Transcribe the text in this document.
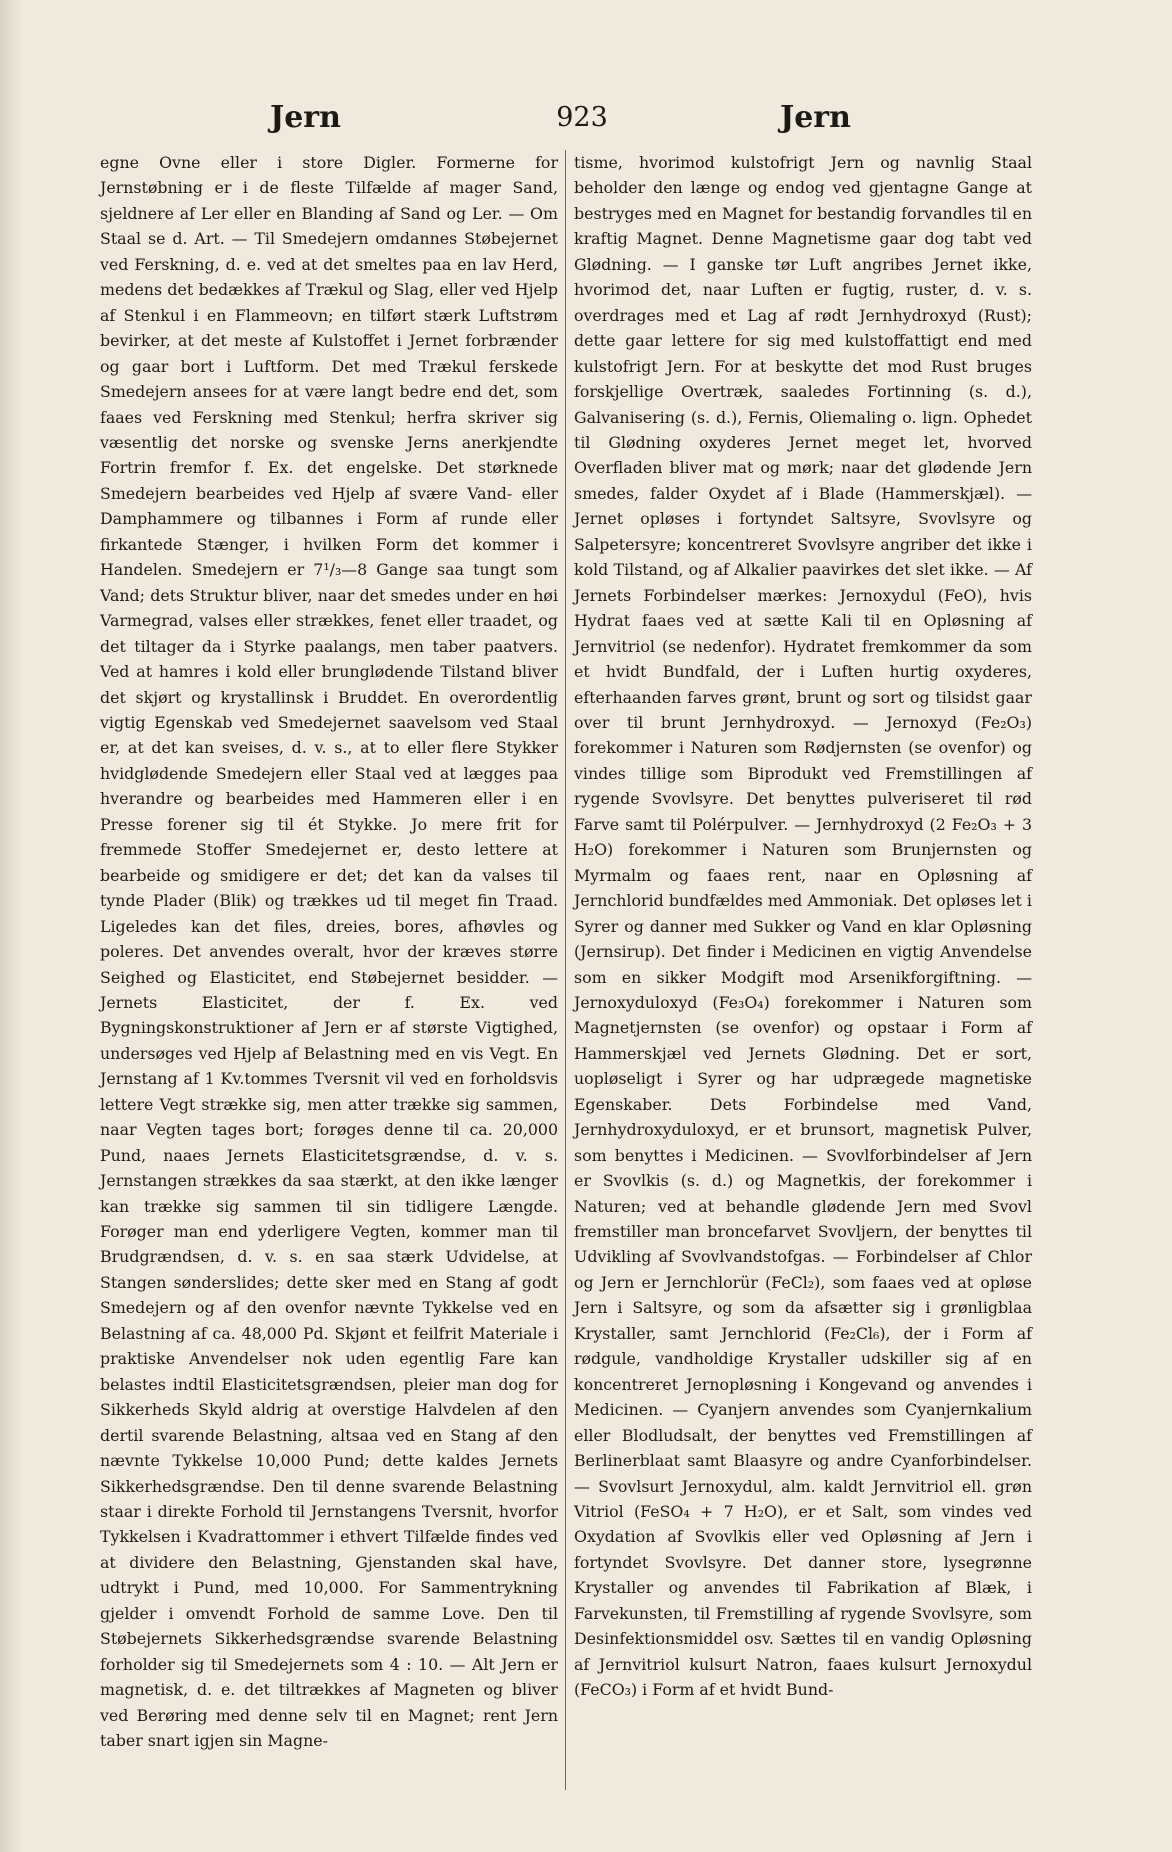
Jern	923	Jern

egne Ovne eller i store Digler. Formerne for Jernstøbning er i de fleste Tilfælde af mager Sand, sjeldnere af Ler eller en Blanding af Sand og Ler. — Om Staal se d. Art. — Til Smedejern omdannes Støbejernet ved Ferskning, d. e. ved at det smeltes paa en lav Herd, medens det bedækkes af Trækul og Slag, eller ved Hjelp af Stenkul i en Flammeovn; en tilført stærk Luftstrøm bevirker, at det meste af Kulstoffet i Jernet forbrænder og gaar bort i Luftform. Det med Trækul ferskede Smedejern ansees for at være langt bedre end det, som faaes ved Ferskning med Stenkul; herfra skriver sig væsentlig det norske og svenske Jerns anerkjendte Fortrin fremfor f. Ex. det engelske. Det størknede Smedejern bearbeides ved Hjelp af svære Vand- eller Damphammere og tilbannes i Form af runde eller firkantede Stænger, i hvilken Form det kommer i Handelen. Smedejern er 7¹/₃—8 Gange saa tungt som Vand; dets Struktur bliver, naar det smedes under en høi Varmegrad, valses eller strækkes, fenet eller traadet, og det tiltager da i Styrke paalangs, men taber paatvers. Ved at hamres i kold eller brunglødende Tilstand bliver det skjørt og krystallinsk i Bruddet. En overordentlig vigtig Egenskab ved Smedejernet saavelsom ved Staal er, at det kan sveises, d. v. s., at to eller flere Stykker hvidglødende Smedejern eller Staal ved at lægges paa hverandre og bearbeides med Hammeren eller i en Presse forener sig til ét Stykke. Jo mere frit for fremmede Stoffer Smedejernet er, desto lettere at bearbeide og smidigere er det; det kan da valses til tynde Plader (Blik) og trækkes ud til meget fin Traad. Ligeledes kan det files, dreies, bores, afhøvles og poleres. Det anvendes overalt, hvor der kræves større Seighed og Elasticitet, end Støbejernet besidder. — Jernets Elasticitet, der f. Ex. ved Bygningskonstruktioner af Jern er af største Vigtighed, undersøges ved Hjelp af Belastning med en vis Vegt. En Jernstang af 1 Kv.tommes Tversnit vil ved en forholdsvis lettere Vegt strække sig, men atter trække sig sammen, naar Vegten tages bort; forøges denne til ca. 20,000 Pund, naaes Jernets Elasticitetsgrændse, d. v. s. Jernstangen strækkes da saa stærkt, at den ikke længer kan trække sig sammen til sin tidligere Længde. Forøger man end yderligere Vegten, kommer man til Brudgrændsen, d. v. s. en saa stærk Udvidelse, at Stangen sønderslides; dette sker med en Stang af godt Smedejern og af den ovenfor nævnte Tykkelse ved en Belastning af ca. 48,000 Pd. Skjønt et feilfrit Materiale i praktiske Anvendelser nok uden egentlig Fare kan belastes indtil Elasticitetsgrændsen, pleier man dog for Sikkerheds Skyld aldrig at overstige Halvdelen af den dertil svarende Belastning, altsaa ved en Stang af den nævnte Tykkelse 10,000 Pund; dette kaldes Jernets Sikkerhedsgrændse. Den til denne svarende Belastning staar i direkte Forhold til Jernstangens Tversnit, hvorfor Tykkelsen i Kvadrattommer i ethvert Tilfælde findes ved at dividere den Belastning, Gjenstanden skal have, udtrykt i Pund, med 10,000. For Sammentrykning gjelder i omvendt Forhold de samme Love. Den til Støbejernets Sikkerhedsgrændse svarende Belastning forholder sig til Smedejernets som 4 : 10. — Alt Jern er magnetisk, d. e. det tiltrækkes af Magneten og bliver ved Berøring med denne selv til en Magnet; rent Jern taber snart igjen sin Magne-

tisme, hvorimod kulstofrigt Jern og navnlig Staal beholder den længe og endog ved gjentagne Gange at bestryges med en Magnet for bestandig forvandles til en kraftig Magnet. Denne Magnetisme gaar dog tabt ved Glødning. — I ganske tør Luft angribes Jernet ikke, hvorimod det, naar Luften er fugtig, ruster, d. v. s. overdrages med et Lag af rødt Jernhydroxyd (Rust); dette gaar lettere for sig med kulstoffattigt end med kulstofrigt Jern. For at beskytte det mod Rust bruges forskjellige Overtræk, saaledes Fortinning (s. d.), Galvanisering (s. d.), Fernis, Oliemaling o. lign. Ophedet til Glødning oxyderes Jernet meget let, hvorved Overfladen bliver mat og mørk; naar det glødende Jern smedes, falder Oxydet af i Blade (Hammerskjæl). — Jernet opløses i fortyndet Saltsyre, Svovlsyre og Salpetersyre; koncentreret Svovlsyre angriber det ikke i kold Tilstand, og af Alkalier paavirkes det slet ikke. — Af Jernets Forbindelser mærkes: Jernoxydul (FeO), hvis Hydrat faaes ved at sætte Kali til en Opløsning af Jernvitriol (se nedenfor). Hydratet fremkommer da som et hvidt Bundfald, der i Luften hurtig oxyderes, efterhaanden farves grønt, brunt og sort og tilsidst gaar over til brunt Jernhydroxyd. — Jernoxyd (Fe₂O₃) forekommer i Naturen som Rødjernsten (se ovenfor) og vindes tillige som Biprodukt ved Fremstillingen af rygende Svovlsyre. Det benyttes pulveriseret til rød Farve samt til Polérpulver. — Jernhydroxyd (2 Fe₂O₃ + 3 H₂O) forekommer i Naturen som Brunjernsten og Myrmalm og faaes rent, naar en Opløsning af Jernchlorid bundfældes med Ammoniak. Det opløses let i Syrer og danner med Sukker og Vand en klar Opløsning (Jernsirup). Det finder i Medicinen en vigtig Anvendelse som en sikker Modgift mod Arsenikforgiftning. — Jernoxyduloxyd (Fe₃O₄) forekommer i Naturen som Magnetjernsten (se ovenfor) og opstaar i Form af Hammerskjæl ved Jernets Glødning. Det er sort, uopløseligt i Syrer og har udprægede magnetiske Egenskaber. Dets Forbindelse med Vand, Jernhydroxyduloxyd, er et brunsort, magnetisk Pulver, som benyttes i Medicinen. — Svovlforbindelser af Jern er Svovlkis (s. d.) og Magnetkis, der forekommer i Naturen; ved at behandle glødende Jern med Svovl fremstiller man broncefarvet Svovljern, der benyttes til Udvikling af Svovlvandstofgas. — Forbindelser af Chlor og Jern er Jernchlorür (FeCl₂), som faaes ved at opløse Jern i Saltsyre, og som da afsætter sig i grønligblaa Krystaller, samt Jernchlorid (Fe₂Cl₆), der i Form af rødgule, vandholdige Krystaller udskiller sig af en koncentreret Jernopløsning i Kongevand og anvendes i Medicinen. — Cyanjern anvendes som Cyanjernkalium eller Blodludsalt, der benyttes ved Fremstillingen af Berlinerblaat samt Blaasyre og andre Cyanforbindelser. — Svovlsurt Jernoxydul, alm. kaldt Jernvitriol ell. grøn Vitriol (FeSO₄ + 7 H₂O), er et Salt, som vindes ved Oxydation af Svovlkis eller ved Opløsning af Jern i fortyndet Svovlsyre. Det danner store, lysegrønne Krystaller og anvendes til Fabrikation af Blæk, i Farvekunsten, til Fremstilling af rygende Svovlsyre, som Desinfektionsmiddel osv. Sættes til en vandig Opløsning af Jernvitriol kulsurt Natron, faaes kulsurt Jernoxydul (FeCO₃) i Form af et hvidt Bund-
